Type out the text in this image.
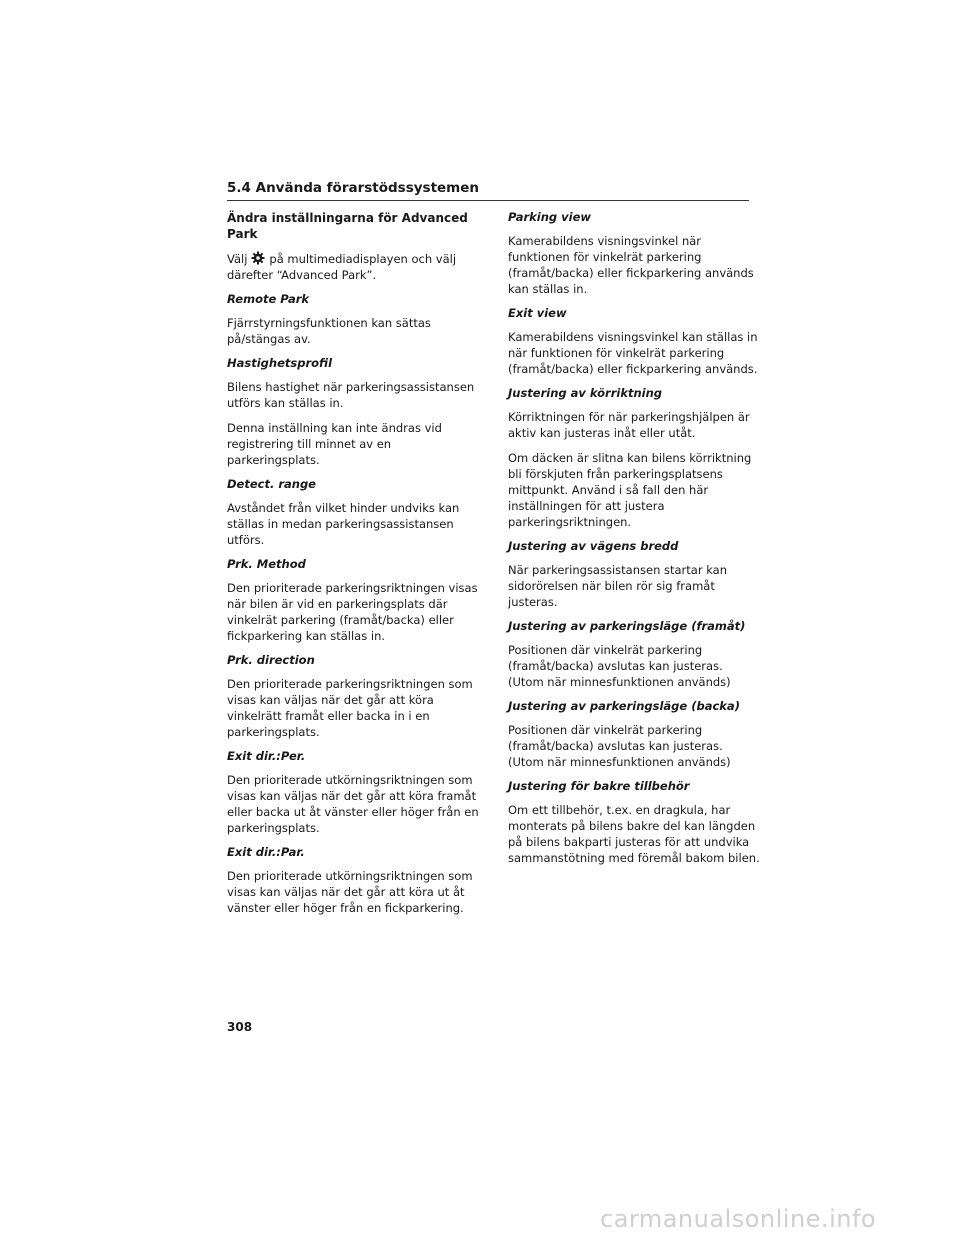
5.4 Använda förarstödssystemen
Ändra inställningarna för Advanced Park
Välj på multimediadisplayen och välj därefter “Advanced Park”.
Remote Park
Fjärrstyrningsfunktionen kan sättas på/stängas av.
Hastighetsprofil
Bilens hastighet när parkeringsassistansen utförs kan ställas in.
Denna inställning kan inte ändras vid registrering till minnet av en parkeringsplats.
Detect. range
Avståndet från vilket hinder undviks kan ställas in medan parkeringsassistansen utförs.
Prk. Method
Den prioriterade parkeringsriktningen visas när bilen är vid en parkeringsplats där vinkelrät parkering (framåt/backa) eller fickparkering kan ställas in.
Prk. direction
Den prioriterade parkeringsriktningen som visas kan väljas när det går att köra vinkelrätt framåt eller backa in i en parkeringsplats.
Exit dir.:Per.
Den prioriterade utkörningsriktningen som visas kan väljas när det går att köra framåt eller backa ut åt vänster eller höger från en parkeringsplats.
Exit dir.:Par.
Den prioriterade utkörningsriktningen som visas kan väljas när det går att köra ut åt vänster eller höger från en fickparkering.
Parking view
Kamerabildens visningsvinkel när funktionen för vinkelrät parkering (framåt/backa) eller fickparkering används kan ställas in.
Exit view
Kamerabildens visningsvinkel kan ställas in när funktionen för vinkelrät parkering (framåt/backa) eller fickparkering används.
Justering av körriktning
Körriktningen för när parkeringshjälpen är aktiv kan justeras inåt eller utåt.
Om däcken är slitna kan bilens körriktning bli förskjuten från parkeringsplatsens mittpunkt. Använd i så fall den här inställningen för att justera parkeringsriktningen.
Justering av vägens bredd
När parkeringsassistansen startar kan sidorörelsen när bilen rör sig framåt justeras.
Justering av parkeringsläge (framåt)
Positionen där vinkelrät parkering (framåt/backa) avslutas kan justeras. (Utom när minnesfunktionen används)
Justering av parkeringsläge (backa)
Positionen där vinkelrät parkering (framåt/backa) avslutas kan justeras. (Utom när minnesfunktionen används)
Justering för bakre tillbehör
Om ett tillbehör, t.ex. en dragkula, har monterats på bilens bakre del kan längden på bilens bakparti justeras för att undvika sammanstötning med föremål bakom bilen.
308
carmanualsonline.info
